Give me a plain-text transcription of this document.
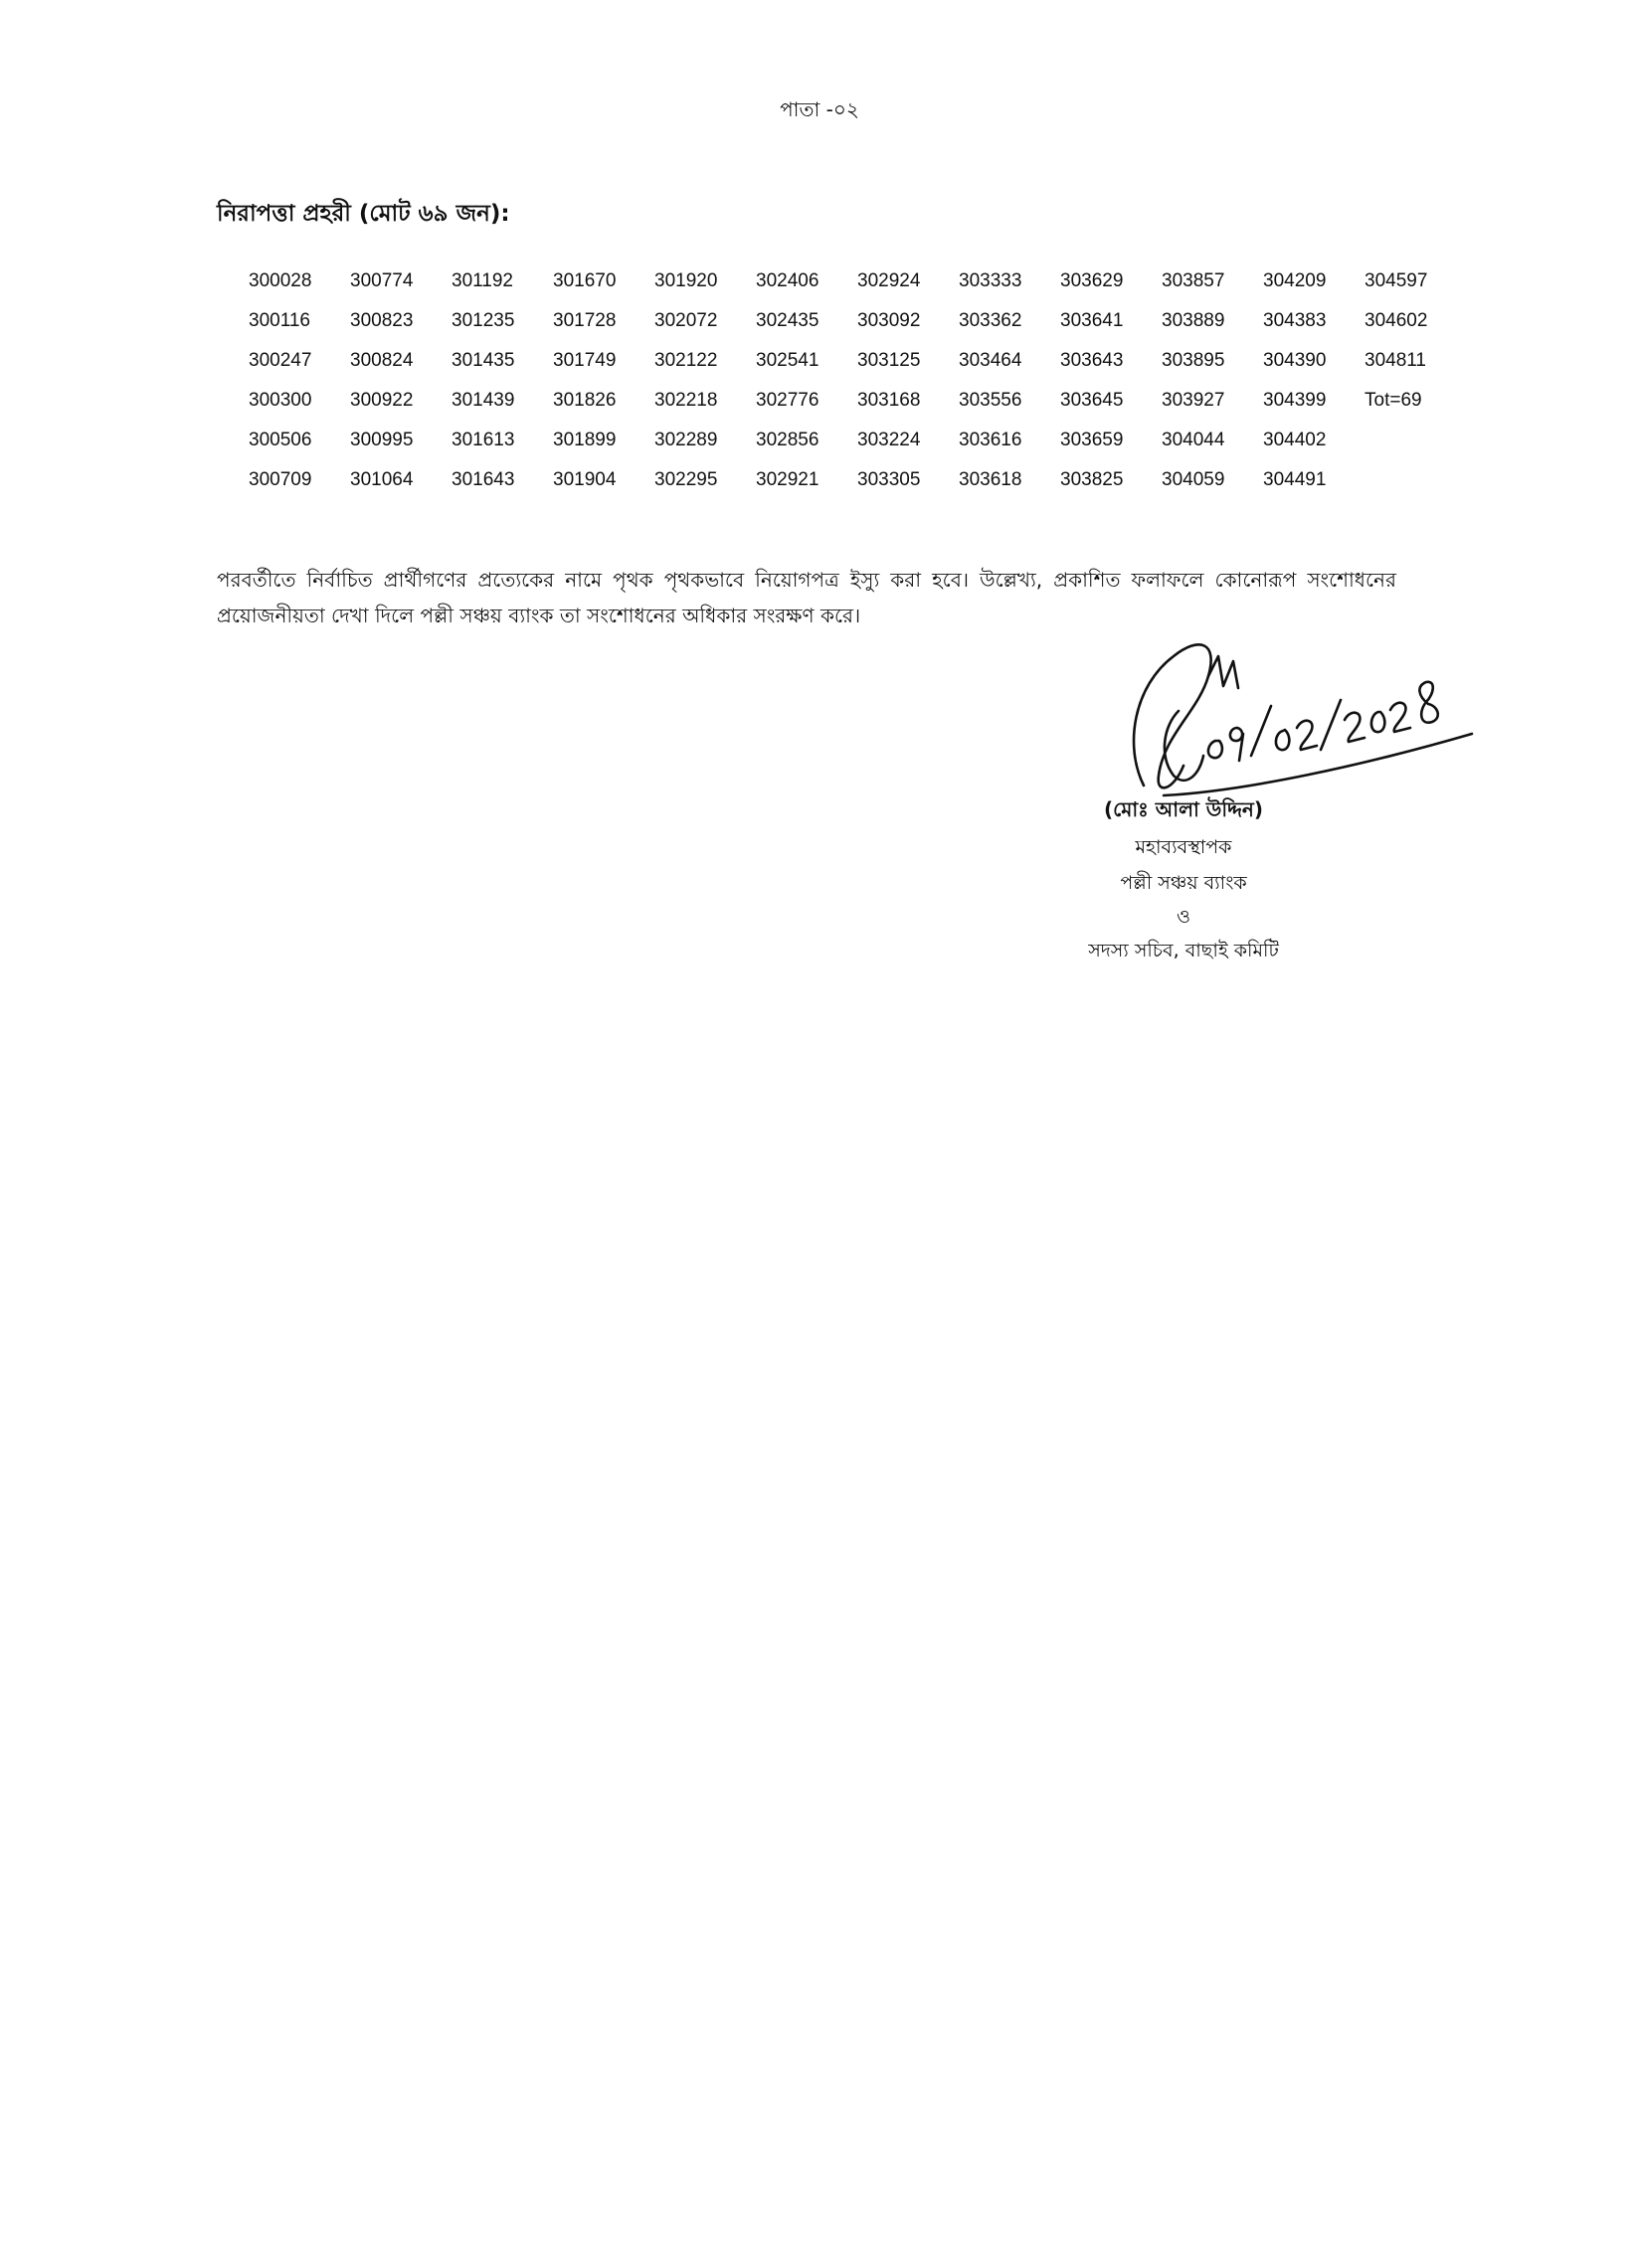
পাতা -০২
নিরাপত্তা প্রহরী (মোট ৬৯ জন):
300028	300774	301192	301670	301920	302406	302924	303333	303629	303857	304209	304597
300116	300823	301235	301728	302072	302435	303092	303362	303641	303889	304383	304602
300247	300824	301435	301749	302122	302541	303125	303464	303643	303895	304390	304811
300300	300922	301439	301826	302218	302776	303168	303556	303645	303927	304399	Tot=69
300506	300995	301613	301899	302289	302856	303224	303616	303659	304044	304402	
300709	301064	301643	301904	302295	302921	303305	303618	303825	304059	304491	
পরবর্তীতে নির্বাচিত প্রার্থীগণের প্রত্যেকের নামে পৃথক পৃথকভাবে নিয়োগপত্র ইস্যু করা হবে। উল্লেখ্য, প্রকাশিত ফলাফলে কোনোরূপ সংশোধনের প্রয়োজনীয়তা দেখা দিলে পল্লী সঞ্চয় ব্যাংক তা সংশোধনের অধিকার সংরক্ষণ করে।
(মোঃ আলা উদ্দিন)
মহাব্যবস্থাপক
পল্লী সঞ্চয় ব্যাংক
ও
সদস্য সচিব, বাছাই কমিটি
